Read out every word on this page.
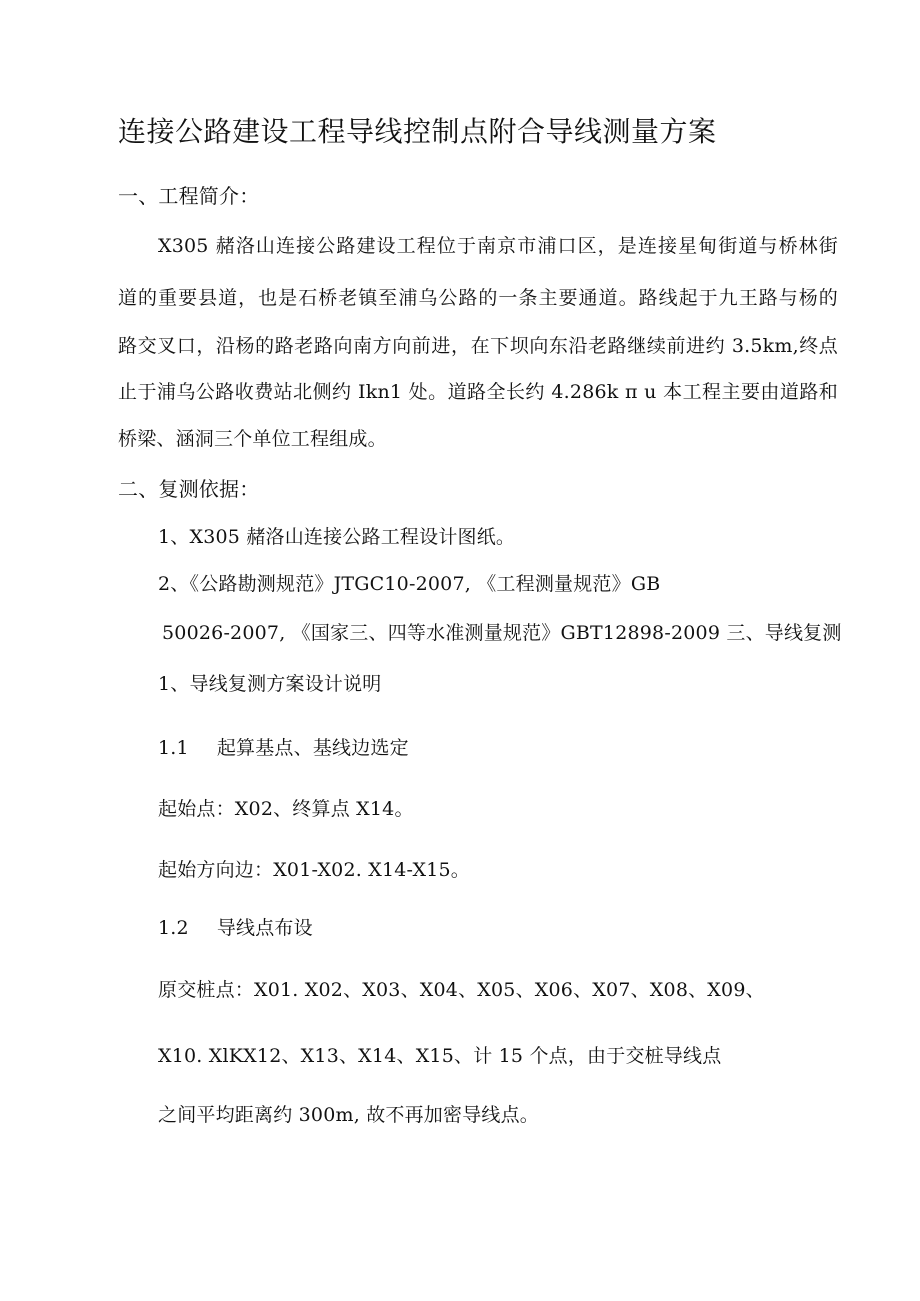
连接公路建设工程导线控制点附合导线测量方案
一、工程简介：
X305 赭洛山连接公路建设工程位于南京市浦口区，是连接星甸街道与桥林街
道的重要县道，也是石桥老镇至浦乌公路的一条主要通道。路线起于九王路与杨的
路交叉口，沿杨的路老路向南方向前进，在下坝向东沿老路继续前进约 3.5km,终点
止于浦乌公路收费站北侧约 Ikn1 处。道路全长约 4.286k π u 本工程主要由道路和
桥梁、涵洞三个单位工程组成。
二、复测依据：
1、X305 赭洛山连接公路工程设计图纸。
2、《公路勘测规范》JTGC10-2007, 《工程测量规范》GB
50026-2007, 《国家三、四等水准测量规范》GBT12898-2009 三、导线复测
1、导线复测方案设计说明
1.1 起算基点、基线边选定
起始点：X02、终算点 X14。
起始方向边：X01-X02. X14-X15。
1.2 导线点布设
原交桩点：X01. X02、X03、X04、X05、X06、X07、X08、X09、
X10. XlKX12、X13、X14、X15、计 15 个点，由于交桩导线点
之间平均距离约 300m, 故不再加密导线点。
